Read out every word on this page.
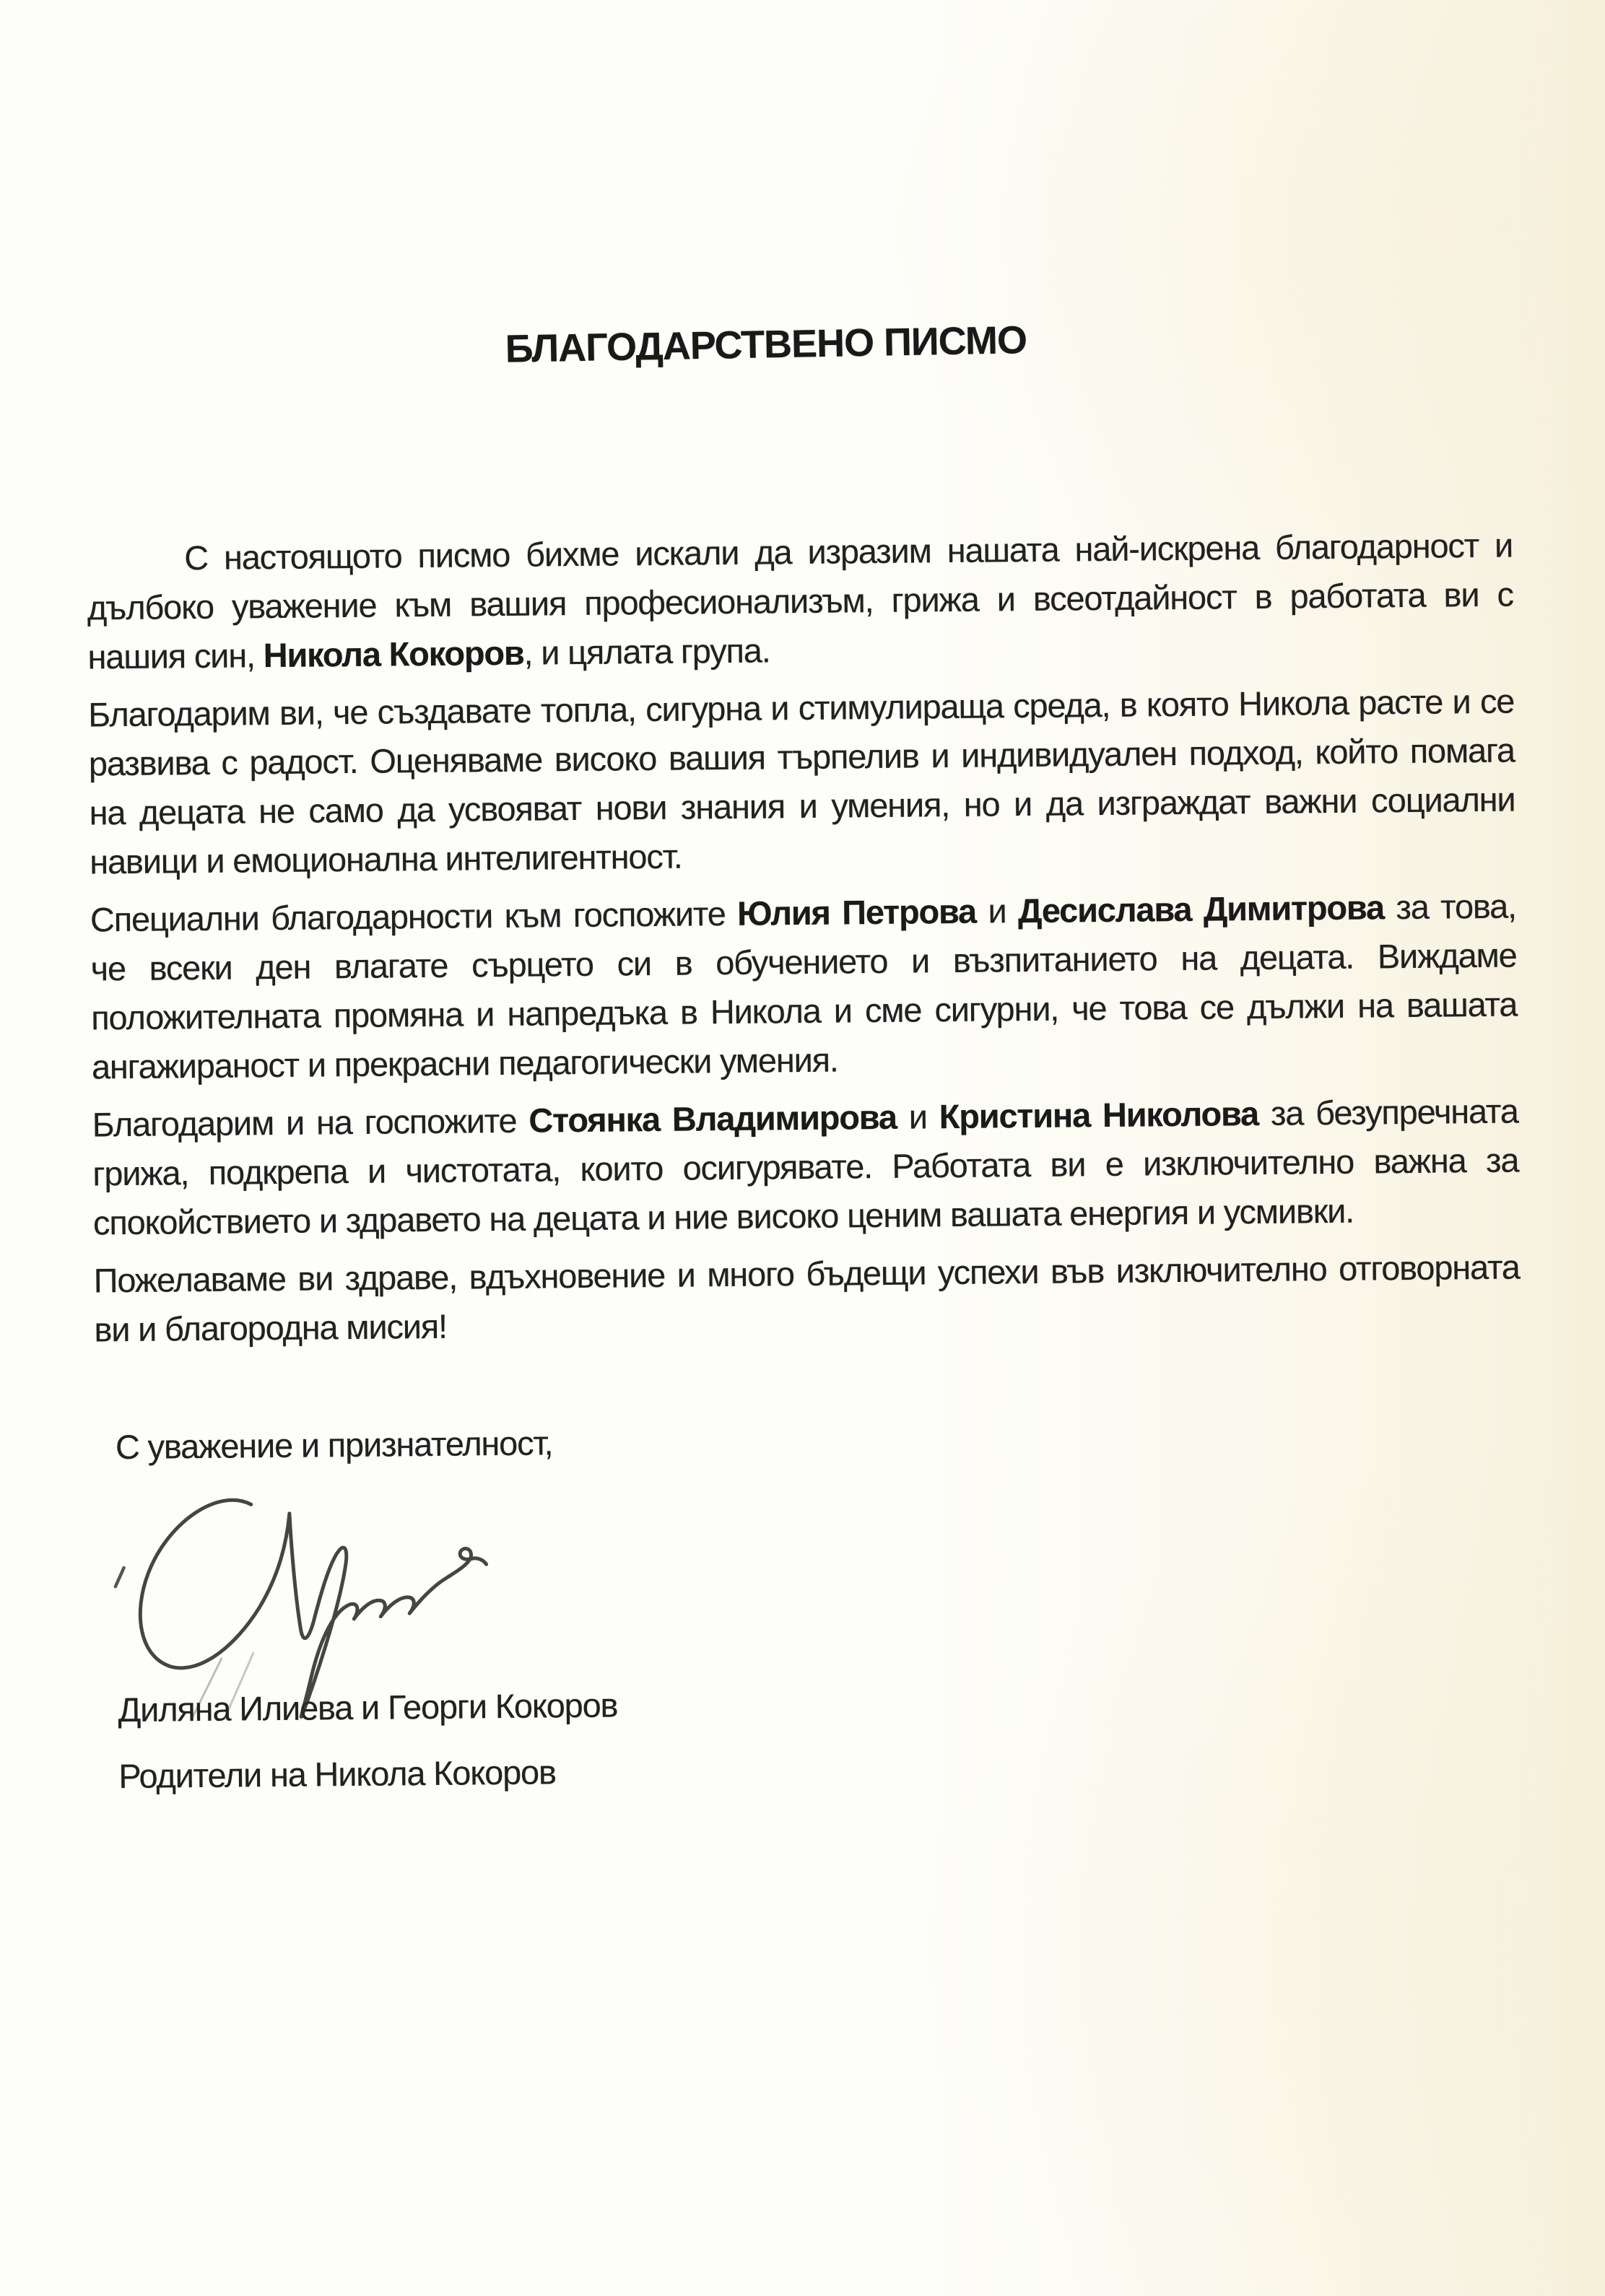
БЛАГОДАРСТВЕНО ПИСМО

С настоящото писмо бихме искали да изразим нашата най-искрена благодарност и дълбоко уважение към вашия професионализъм, грижа и всеотдайност в работата ви с нашия син, Никола Кокоров, и цялата група.

Благодарим ви, че създавате топла, сигурна и стимулираща среда, в която Никола расте и се развива с радост. Оценяваме високо вашия търпелив и индивидуален подход, който помага на децата не само да усвояват нови знания и умения, но и да изграждат важни социални навици и емоционална интелигентност.

Специални благодарности към госпожите Юлия Петрова и Десислава Димитрова за това, че всеки ден влагате сърцето си в обучението и възпитанието на децата. Виждаме положителната промяна и напредъка в Никола и сме сигурни, че това се дължи на вашата ангажираност и прекрасни педагогически умения.

Благодарим и на госпожите Стоянка Владимирова и Кристина Николова за безупречната грижа, подкрепа и чистотата, които осигурявате. Работата ви е изключително важна за спокойствието и здравето на децата и ние високо ценим вашата енергия и усмивки.

Пожелаваме ви здраве, вдъхновение и много бъдещи успехи във изключително отговорната ви и благородна мисия!

С уважение и признателност,

Диляна Илиева и Георги Кокоров

Родители на Никола Кокоров
